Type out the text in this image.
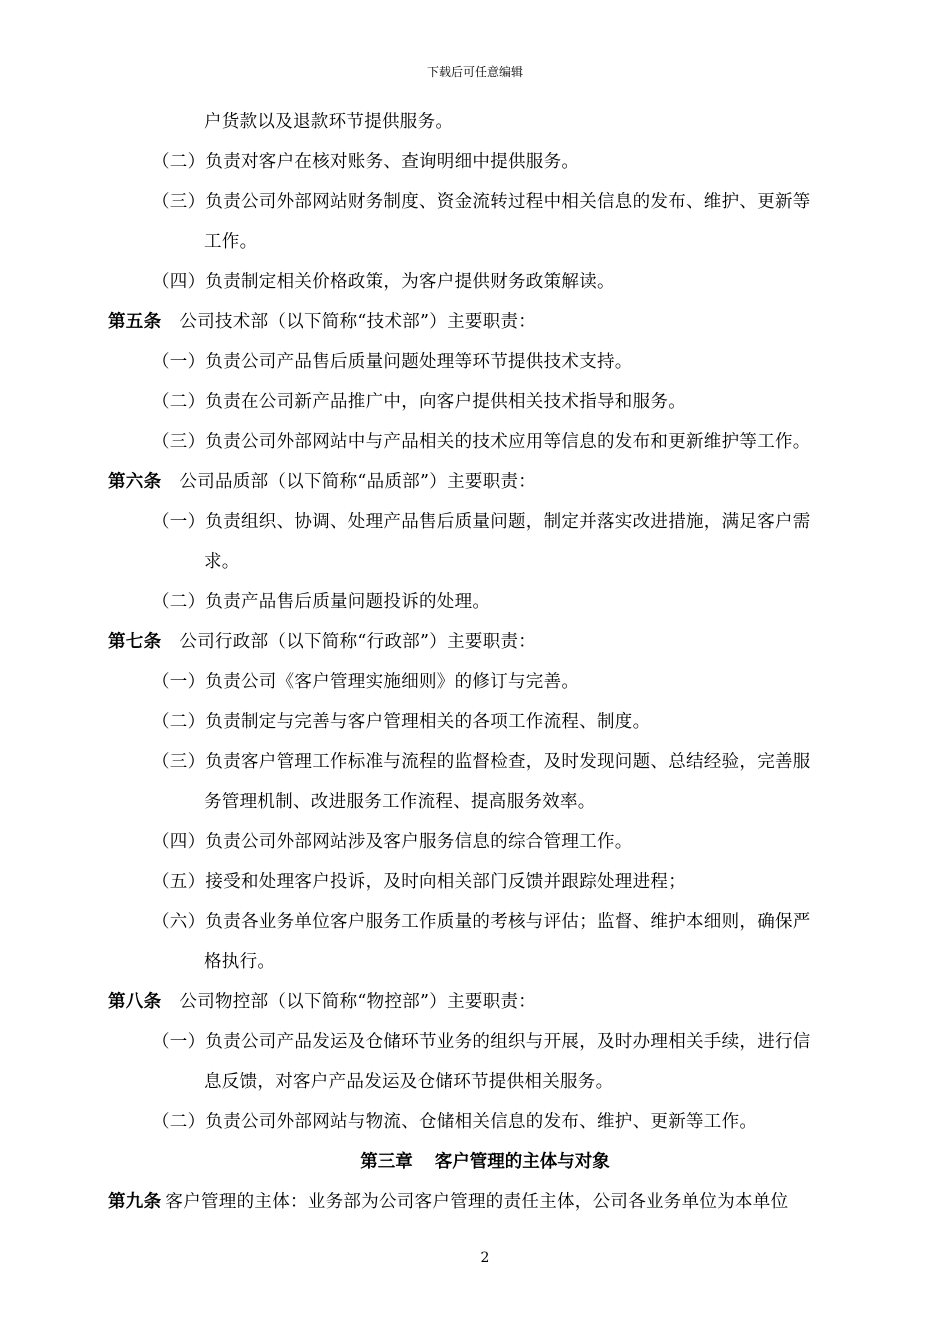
下载后可任意编辑
户货款以及退款环节提供服务。
（二）负责对客户在核对账务、查询明细中提供服务。
（三）负责公司外部网站财务制度、资金流转过程中相关信息的发布、维护、更新等
工作。
（四）负责制定相关价格政策，为客户提供财务政策解读。
第五条 公司技术部（以下简称“技术部”）主要职责：
（一）负责公司产品售后质量问题处理等环节提供技术支持。
（二）负责在公司新产品推广中，向客户提供相关技术指导和服务。
（三）负责公司外部网站中与产品相关的技术应用等信息的发布和更新维护等工作。
第六条 公司品质部（以下简称“品质部”）主要职责：
（一）负责组织、协调、处理产品售后质量问题，制定并落实改进措施，满足客户需
求。
（二）负责产品售后质量问题投诉的处理。
第七条 公司行政部（以下简称“行政部”）主要职责：
（一）负责公司《客户管理实施细则》的修订与完善。
（二）负责制定与完善与客户管理相关的各项工作流程、制度。
（三）负责客户管理工作标准与流程的监督检查，及时发现问题、总结经验，完善服
务管理机制、改进服务工作流程、提高服务效率。
（四）负责公司外部网站涉及客户服务信息的综合管理工作。
（五）接受和处理客户投诉，及时向相关部门反馈并跟踪处理进程；
（六）负责各业务单位客户服务工作质量的考核与评估；监督、维护本细则，确保严
格执行。
第八条 公司物控部（以下简称“物控部”）主要职责：
（一）负责公司产品发运及仓储环节业务的组织与开展，及时办理相关手续，进行信
息反馈，对客户产品发运及仓储环节提供相关服务。
（二）负责公司外部网站与物流、仓储相关信息的发布、维护、更新等工作。
第三章 客户管理的主体与对象
第九条 客户管理的主体：业务部为公司客户管理的责任主体，公司各业务单位为本单位
2
